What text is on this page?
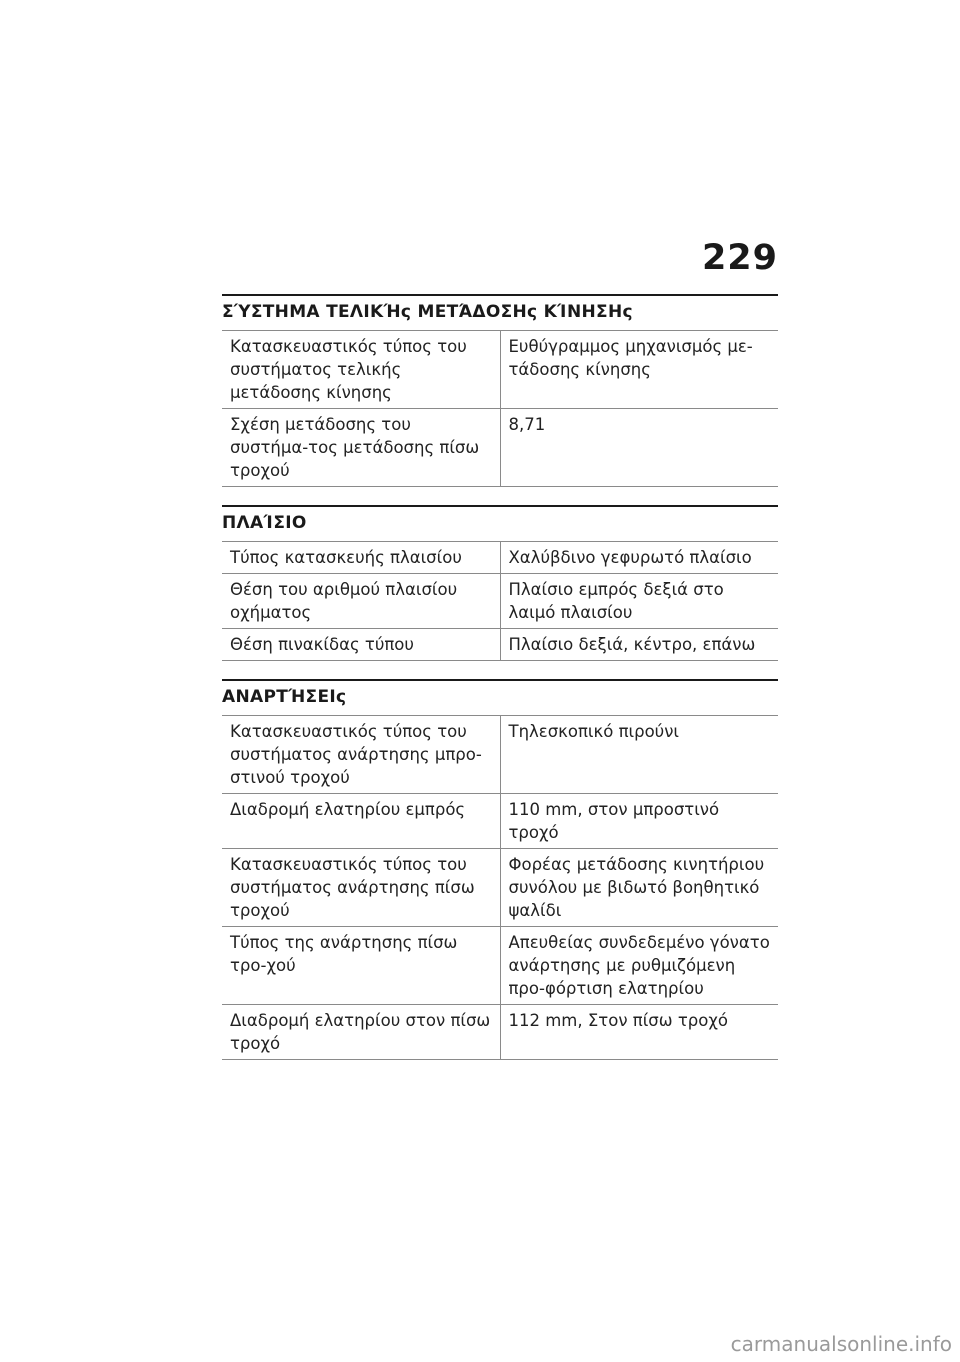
229
ΣΎΣΤΗΜΑ ΤΕΛΙΚΉς ΜΕΤΆΔΟΣΗς ΚΊΝΗΣΗς
Κατασκευαστικός τύπος του συστήματος τελικής μετάδοσης κίνησης	Ευθύγραμμος μηχανισμός με-τάδοσης κίνησης
Σχέση μετάδοσης του συστήμα-τος μετάδοσης πίσω τροχού	8,71
ΠΛΑΊΣΙΟ
Τύπος κατασκευής πλαισίου	Χαλύβδινο γεφυρωτό πλαίσιο
Θέση του αριθμού πλαισίου οχήματος	Πλαίσιο εμπρός δεξιά στο λαιμό πλαισίου
Θέση πινακίδας τύπου	Πλαίσιο δεξιά, κέντρο, επάνω
ΑΝΑΡΤΉΣΕΙς
Κατασκευαστικός τύπος του συστήματος ανάρτησης μπρο-στινού τροχού	Τηλεσκοπικό πιρούνι
Διαδρομή ελατηρίου εμπρός	110 mm, στον μπροστινό τροχό
Κατασκευαστικός τύπος του συστήματος ανάρτησης πίσω τροχού	Φορέας μετάδοσης κινητήριου συνόλου με βιδωτό βοηθητικό ψαλίδι
Τύπος της ανάρτησης πίσω τρο-χού	Απευθείας συνδεδεμένο γόνατο ανάρτησης με ρυθμιζόμενη προ-φόρτιση ελατηρίου
Διαδρομή ελατηρίου στον πίσω τροχό	112 mm, Στον πίσω τροχό
carmanualsonline.info
